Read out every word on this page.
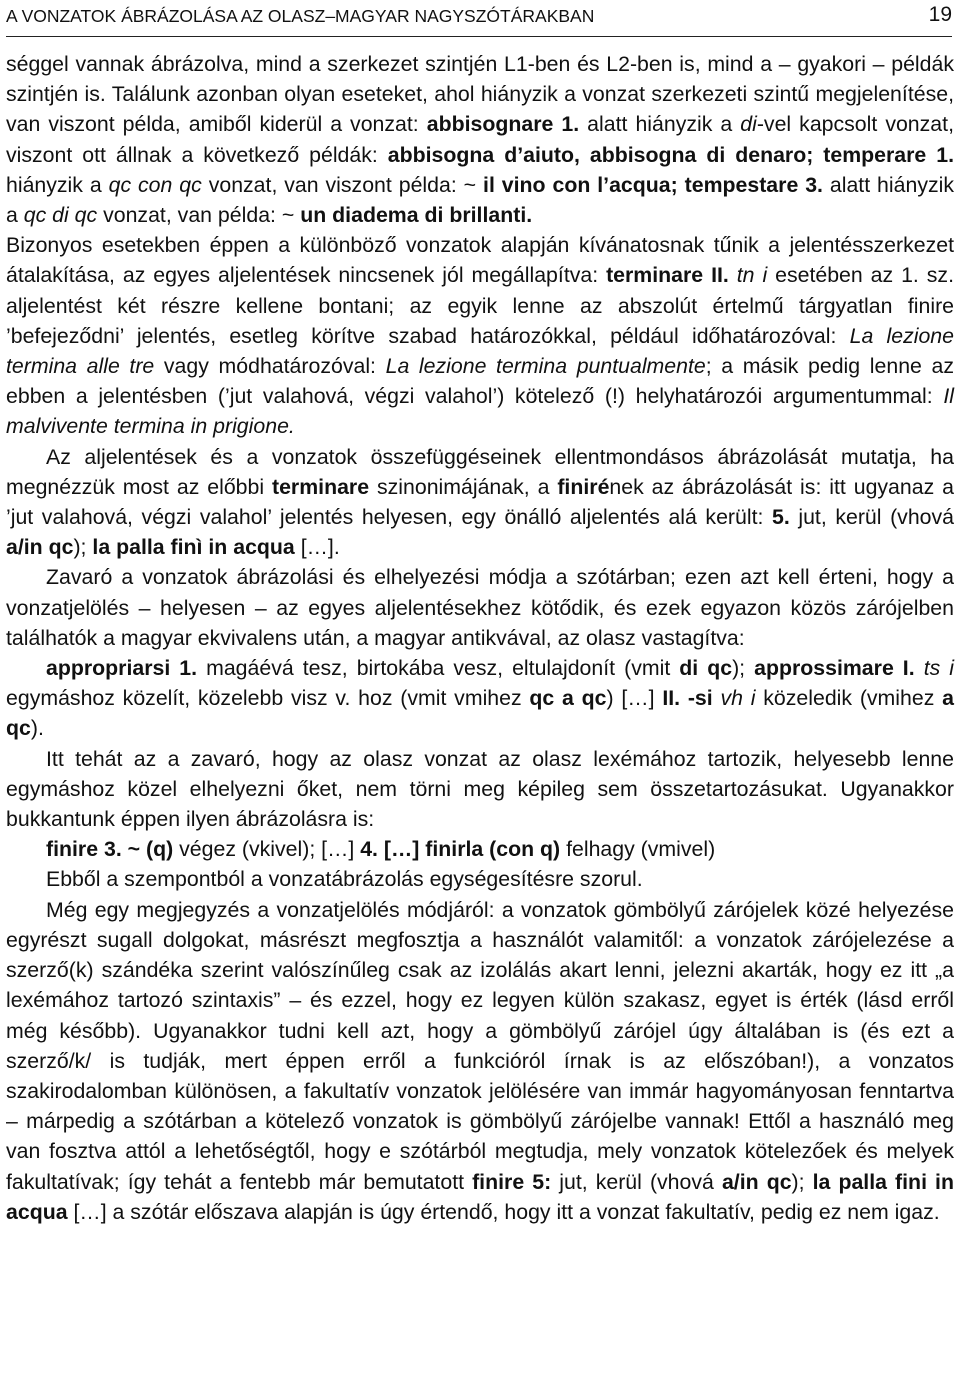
A VONZATOK ÁBRÁZOLÁSA AZ OLASZ–MAGYAR NAGYSZÓTÁRAKBAN	19

séggel vannak ábrázolva, mind a szerkezet szintjén L1-ben és L2-ben is, mind a – gyakori – példák szintjén is. Találunk azonban olyan eseteket, ahol hiányzik a vonzat szerkezeti szintű megjelenítése, van viszont példa, amiből kiderül a vonzat: abbisognare 1. alatt hiányzik a di-vel kapcsolt vonzat, viszont ott állnak a következő példák: abbisogna d’aiuto, abbisogna di denaro; temperare 1. hiányzik a qc con qc vonzat, van viszont példa: ~ il vino con l’acqua; tempestare 3. alatt hiányzik a qc di qc vonzat, van példa: ~ un diadema di brillanti.

Bizonyos esetekben éppen a különböző vonzatok alapján kívánatosnak tűnik a jelentésszerkezet átalakítása, az egyes aljelentések nincsenek jól megállapítva: terminare II. tn i esetében az 1. sz. aljelentést két részre kellene bontani; az egyik lenne az abszolút értelmű tárgyatlan finire ’befejeződni’ jelentés, esetleg körítve szabad határozókkal, például időhatározóval: La lezione termina alle tre vagy módhatározóval: La lezione termina puntualmente; a másik pedig lenne az ebben a jelentésben (’jut valahová, végzi valahol’) kötelező (!) helyhatározói argumentummal: Il malvivente termina in prigione.

Az aljelentések és a vonzatok összefüggéseinek ellentmondásos ábrázolását mutatja, ha megnézzük most az előbbi terminare szinonimájának, a finirének az ábrázolását is: itt ugyanaz a ’jut valahová, végzi valahol’ jelentés helyesen, egy önálló aljelentés alá került: 5. jut, kerül (vhová a/in qc); la palla finì in acqua […].

Zavaró a vonzatok ábrázolási és elhelyezési módja a szótárban; ezen azt kell érteni, hogy a vonzatjelölés – helyesen – az egyes aljelentésekhez kötődik, és ezek egyazon közös zárójelben találhatók a magyar ekvivalens után, a magyar antikvával, az olasz vastagítva:

appropriarsi 1. magáévá tesz, birtokába vesz, eltulajdonít (vmit di qc); approssimare I. ts i egymáshoz közelít, közelebb visz v. hoz (vmit vmihez qc a qc) […] II. -si vh i közeledik (vmihez a qc).

Itt tehát az a zavaró, hogy az olasz vonzat az olasz lexémához tartozik, helyesebb lenne egymáshoz közel elhelyezni őket, nem törni meg képileg sem összetartozásukat. Ugyanakkor bukkantunk éppen ilyen ábrázolásra is:

finire 3. ~ (q) végez (vkivel); […] 4. […] finirla (con q) felhagy (vmivel)

Ebből a szempontból a vonzatábrázolás egységesítésre szorul.

Még egy megjegyzés a vonzatjelölés módjáról: a vonzatok gömbölyű zárójelek közé helyezése egyrészt sugall dolgokat, másrészt megfosztja a használót valamitől: a vonzatok zárójelezése a szerző(k) szándéka szerint valószínűleg csak az izolálás akart lenni, jelezni akarták, hogy ez itt „a lexémához tartozó szintaxis” – és ezzel, hogy ez legyen külön szakasz, egyet is érték (lásd erről még később). Ugyanakkor tudni kell azt, hogy a gömbölyű zárójel úgy általában is (és ezt a szerző/k/ is tudják, mert éppen erről a funkcióról írnak is az előszóban!), a vonzatos szakirodalomban különösen, a fakultatív vonzatok jelölésére van immár hagyományosan fenntartva – márpedig a szótárban a kötelező vonzatok is gömbölyű zárójelbe vannak! Ettől a használó meg van fosztva attól a lehetőségtől, hogy e szótárból megtudja, mely vonzatok kötelezőek és melyek fakultatívak; így tehát a fentebb már bemutatott finire 5: jut, kerül (vhová a/in qc); la palla fini in acqua […] a szótár előszava alapján is úgy értendő, hogy itt a vonzat fakultatív, pedig ez nem igaz.
